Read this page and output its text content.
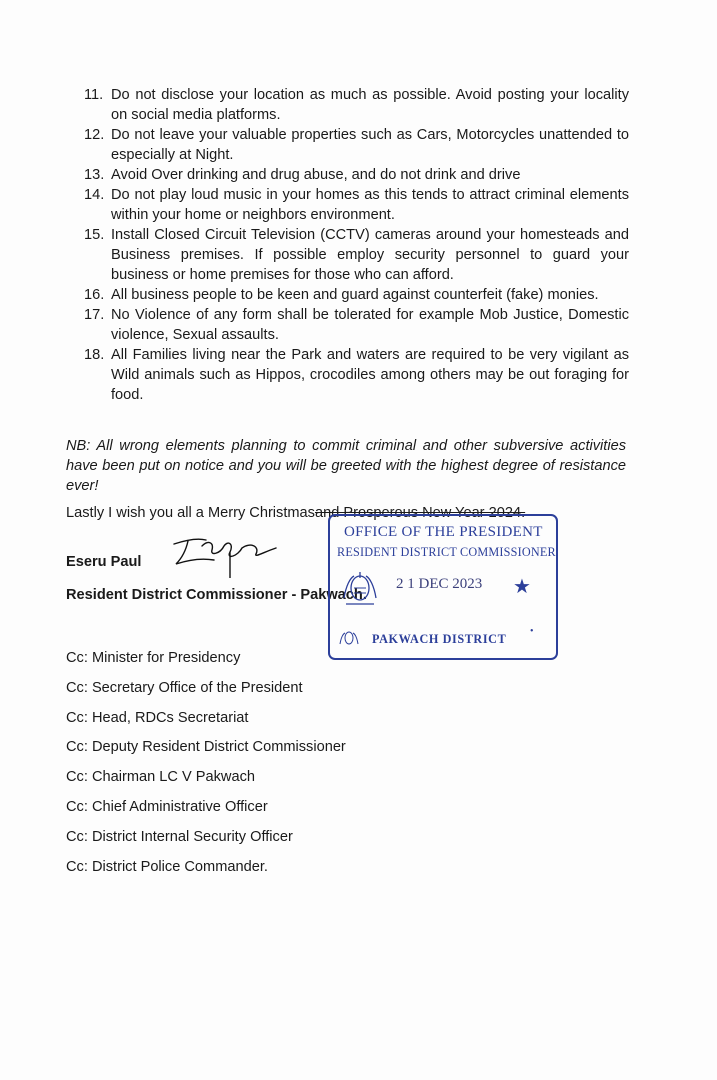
11. Do not disclose your location as much as possible. Avoid posting your locality on social media platforms.
12. Do not leave your valuable properties such as Cars, Motorcycles unattended to especially at Night.
13. Avoid Over drinking and drug abuse, and do not drink and drive
14. Do not play loud music in your homes as this tends to attract criminal elements within your home or neighbors environment.
15. Install Closed Circuit Television (CCTV) cameras around your homesteads and Business premises. If possible employ security personnel to guard your business or home premises for those who can afford.
16. All business people to be keen and guard against counterfeit (fake) monies.
17. No Violence of any form shall be tolerated for example Mob Justice, Domestic violence, Sexual assaults.
18. All Families living near the Park and waters are required to be very vigilant as Wild animals such as Hippos, crocodiles among others may be out foraging for food.
NB: All wrong elements planning to commit criminal and other subversive activities have been put on notice and you will be greeted with the highest degree of resistance ever!
Lastly I wish you all a Merry Christmasand Prosperous New Year 2024.
Eseru Paul
Resident District Commissioner - Pakwach.
OFFICE OF THE PRESIDENT
RESIDENT DISTRICT COMMISSIONER
2 1 DEC 2023 ★
•
PAKWACH DISTRICT
Cc: Minister for Presidency
Cc: Secretary Office of the President
Cc: Head, RDCs Secretariat
Cc: Deputy Resident District Commissioner
Cc: Chairman LC V Pakwach
Cc: Chief Administrative Officer
Cc: District Internal Security Officer
Cc: District Police Commander.
